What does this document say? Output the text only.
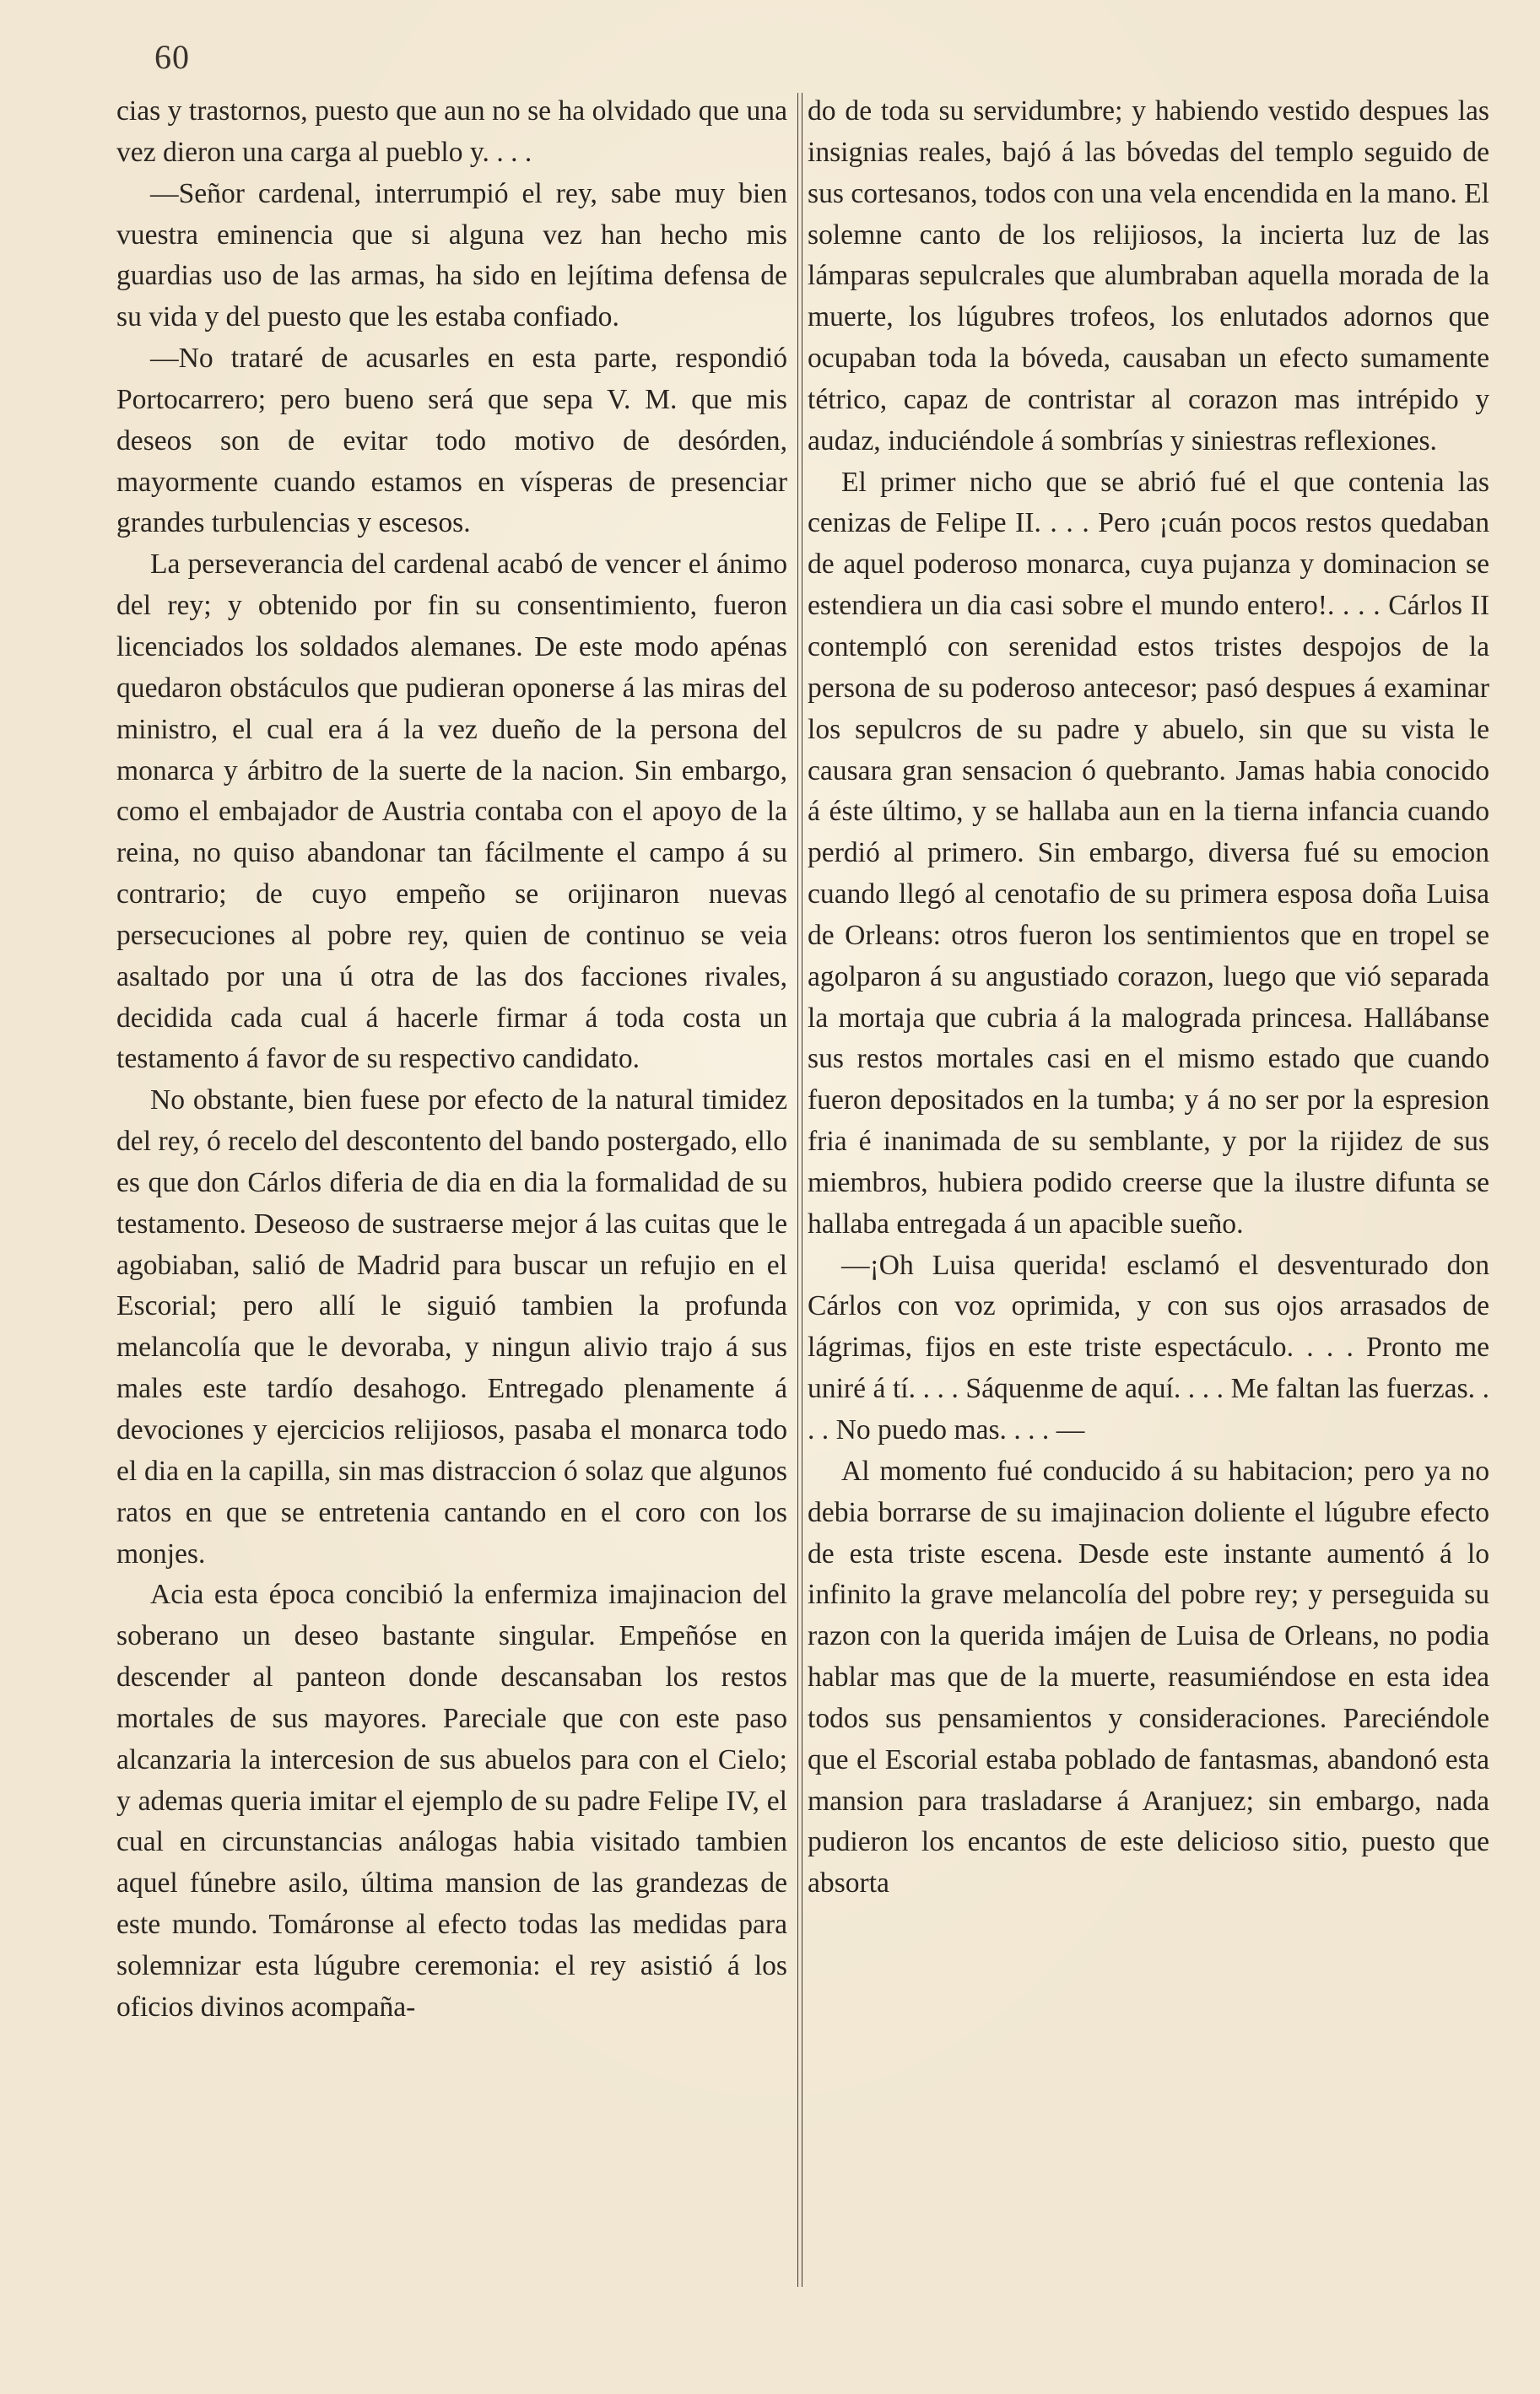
60

cias y trastornos, puesto que aun no se ha olvidado que una vez dieron una carga al pueblo y. . . .

—Señor cardenal, interrumpió el rey, sabe muy bien vuestra eminencia que si alguna vez han hecho mis guardias uso de las armas, ha sido en lejítima defensa de su vida y del puesto que les estaba confiado.

—No trataré de acusarles en esta parte, respondió Portocarrero; pero bueno será que sepa V. M. que mis deseos son de evitar todo motivo de desórden, mayormente cuando estamos en vísperas de presenciar grandes turbulencias y escesos.

La perseverancia del cardenal acabó de vencer el ánimo del rey; y obtenido por fin su consentimiento, fueron licenciados los soldados alemanes. De este modo apénas quedaron obstáculos que pudieran oponerse á las miras del ministro, el cual era á la vez dueño de la persona del monarca y árbitro de la suerte de la nacion. Sin embargo, como el embajador de Austria contaba con el apoyo de la reina, no quiso abandonar tan fácilmente el campo á su contrario; de cuyo empeño se orijinaron nuevas persecuciones al pobre rey, quien de continuo se veia asaltado por una ú otra de las dos facciones rivales, decidida cada cual á hacerle firmar á toda costa un testamento á favor de su respectivo candidato.

No obstante, bien fuese por efecto de la natural timidez del rey, ó recelo del descontento del bando postergado, ello es que don Cárlos diferia de dia en dia la formalidad de su testamento. Deseoso de sustraerse mejor á las cuitas que le agobiaban, salió de Madrid para buscar un refujio en el Escorial; pero allí le siguió tambien la profunda melancolía que le devoraba, y ningun alivio trajo á sus males este tardío desahogo. Entregado plenamente á devociones y ejercicios relijiosos, pasaba el monarca todo el dia en la capilla, sin mas distraccion ó solaz que algunos ratos en que se entretenia cantando en el coro con los monjes.

Acia esta época concibió la enfermiza imajinacion del soberano un deseo bastante singular. Empeñóse en descender al panteon donde descansaban los restos mortales de sus mayores. Pareciale que con este paso alcanzaria la intercesion de sus abuelos para con el Cielo; y ademas queria imitar el ejemplo de su padre Felipe IV, el cual en circunstancias análogas habia visitado tambien aquel fúnebre asilo, última mansion de las grandezas de este mundo. Tomáronse al efecto todas las medidas para solemnizar esta lúgubre ceremonia: el rey asistió á los oficios divinos acompaña-

do de toda su servidumbre; y habiendo vestido despues las insignias reales, bajó á las bóvedas del templo seguido de sus cortesanos, todos con una vela encendida en la mano. El solemne canto de los relijiosos, la incierta luz de las lámparas sepulcrales que alumbraban aquella morada de la muerte, los lúgubres trofeos, los enlutados adornos que ocupaban toda la bóveda, causaban un efecto sumamente tétrico, capaz de contristar al corazon mas intrépido y audaz, induciéndole á sombrías y siniestras reflexiones.

El primer nicho que se abrió fué el que contenia las cenizas de Felipe II. . . . Pero ¡cuán pocos restos quedaban de aquel poderoso monarca, cuya pujanza y dominacion se estendiera un dia casi sobre el mundo entero!. . . . Cárlos II contempló con serenidad estos tristes despojos de la persona de su poderoso antecesor; pasó despues á examinar los sepulcros de su padre y abuelo, sin que su vista le causara gran sensacion ó quebranto. Jamas habia conocido á éste último, y se hallaba aun en la tierna infancia cuando perdió al primero. Sin embargo, diversa fué su emocion cuando llegó al cenotafio de su primera esposa doña Luisa de Orleans: otros fueron los sentimientos que en tropel se agolparon á su angustiado corazon, luego que vió separada la mortaja que cubria á la malograda princesa. Hallábanse sus restos mortales casi en el mismo estado que cuando fueron depositados en la tumba; y á no ser por la espresion fria é inanimada de su semblante, y por la rijidez de sus miembros, hubiera podido creerse que la ilustre difunta se hallaba entregada á un apacible sueño.

—¡Oh Luisa querida! esclamó el desventurado don Cárlos con voz oprimida, y con sus ojos arrasados de lágrimas, fijos en este triste espectáculo. . . . Pronto me uniré á tí. . . . Sáquenme de aquí. . . . Me faltan las fuerzas. . . . No puedo mas. . . . —

Al momento fué conducido á su habitacion; pero ya no debia borrarse de su imajinacion doliente el lúgubre efecto de esta triste escena. Desde este instante aumentó á lo infinito la grave melancolía del pobre rey; y perseguida su razon con la querida imájen de Luisa de Orleans, no podia hablar mas que de la muerte, reasumiéndose en esta idea todos sus pensamientos y consideraciones. Pareciéndole que el Escorial estaba poblado de fantasmas, abandonó esta mansion para trasladarse á Aranjuez; sin embargo, nada pudieron los encantos de este delicioso sitio, puesto que absorta
